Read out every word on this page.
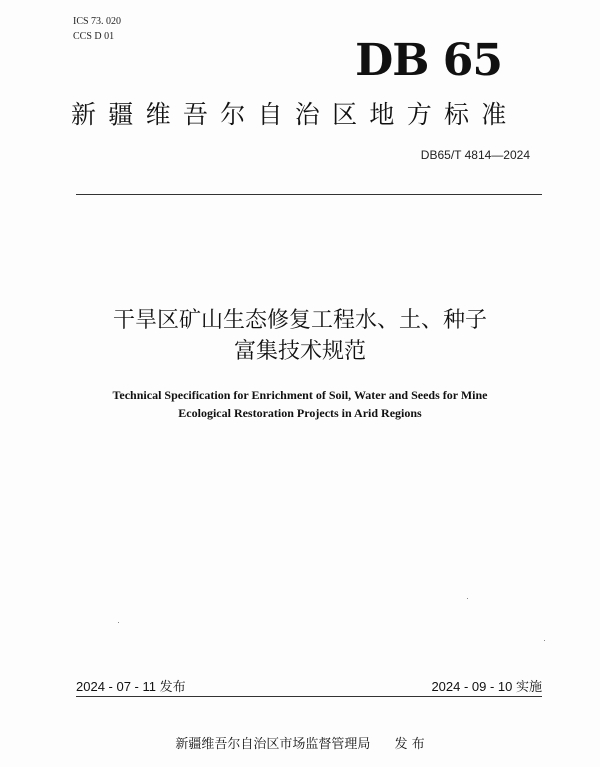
ICS 73. 020
CCS D 01	DB 65
新疆维吾尔自治区地方标准
DB65/T 4814—2024
干旱区矿山生态修复工程水、土、种子
富集技术规范
Technical Specification for Enrichment of Soil, Water and Seeds for Mine
Ecological Restoration Projects in Arid Regions
2024 - 07 - 11 发布	2024 - 09 - 10 实施
新疆维吾尔自治区市场监督管理局 发 布
